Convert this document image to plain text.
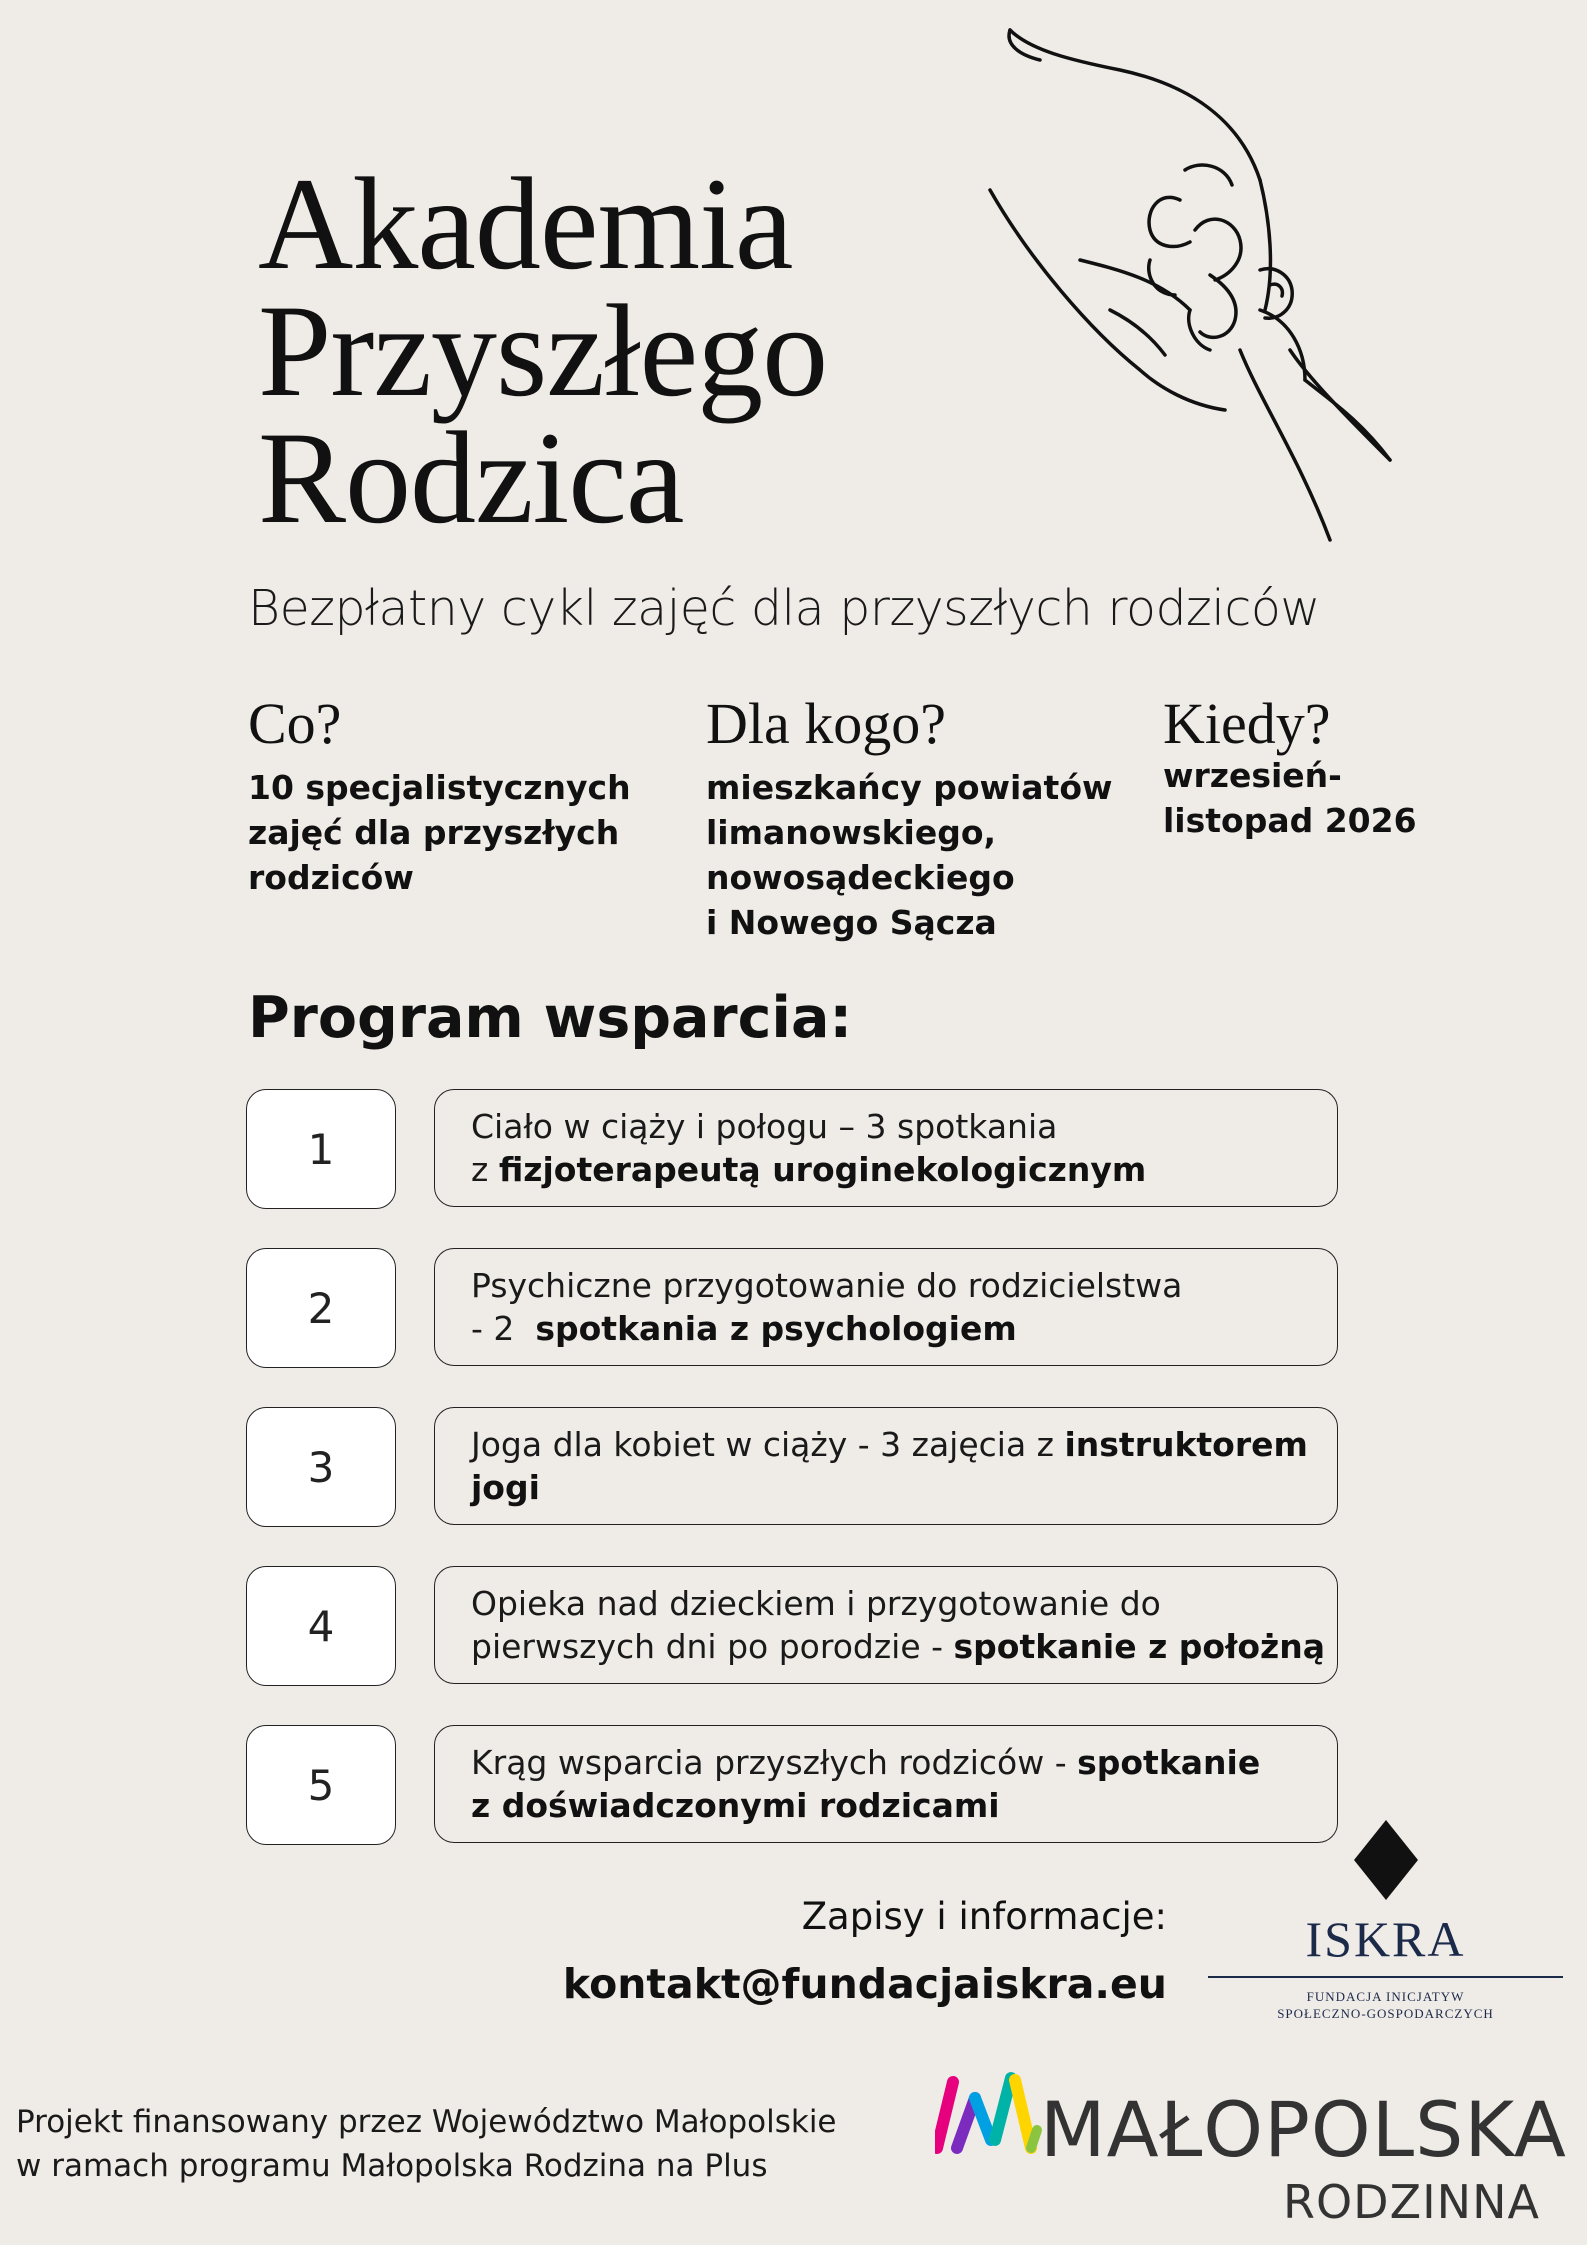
Akademia
Przyszłego
Rodzica
Bezpłatny cykl zajęć dla przyszłych rodziców
Co?
10 specjalistycznych
zajęć dla przyszłych
rodziców
Dla kogo?
mieszkańcy powiatów
limanowskiego,
nowosądeckiego
i Nowego Sącza
Kiedy?
wrzesień-
listopad 2026
Program wsparcia:
1	Ciało w ciąży i połogu – 3 spotkania
z fizjoterapeutą uroginekologicznym
2	Psychiczne przygotowanie do rodzicielstwa
- 2  spotkania z psychologiem
3	Joga dla kobiet w ciąży - 3 zajęcia z instruktorem
jogi
4	Opieka nad dzieckiem i przygotowanie do
pierwszych dni po porodzie - spotkanie z położną
5	Krąg wsparcia przyszłych rodziców - spotkanie
z doświadczonymi rodzicami
Zapisy i informacje:
kontakt@fundacjaiskra.eu
ISKRA
FUNDACJA INICJATYW
SPOŁECZNO-GOSPODARCZYCH
Projekt finansowany przez Województwo Małopolskie
w ramach programu Małopolska Rodzina na Plus	MAŁOPOLSKA
RODZINNA
